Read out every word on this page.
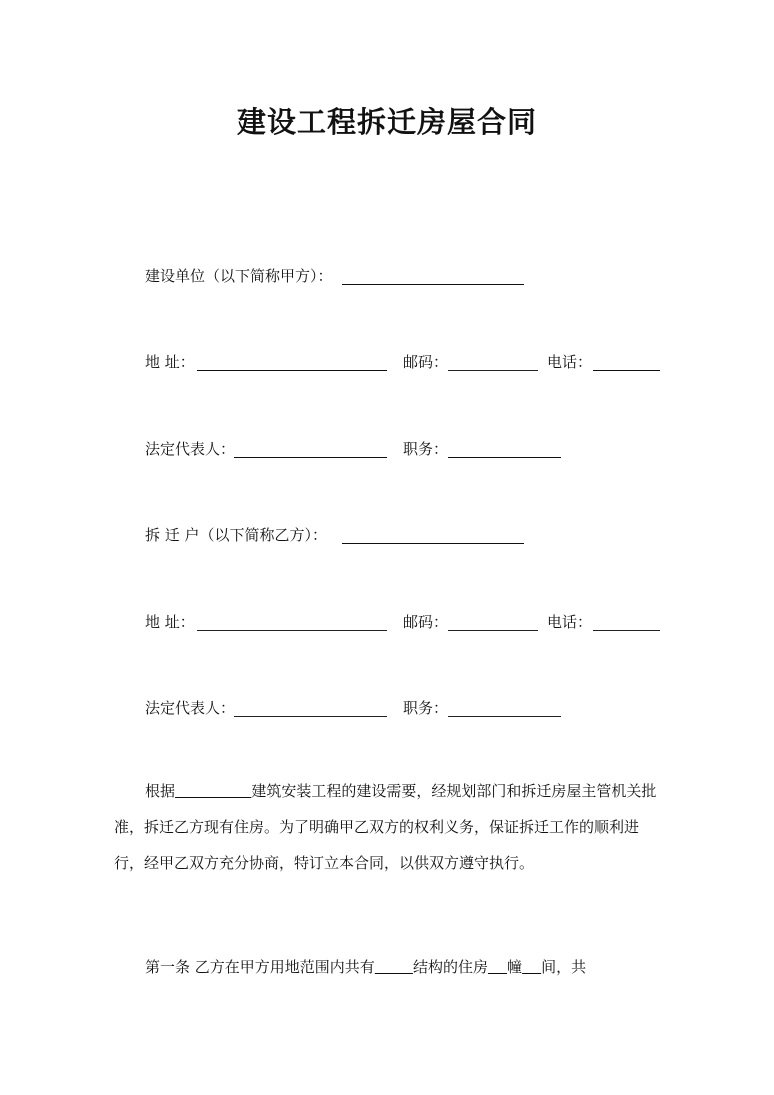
建设工程拆迁房屋合同
建设单位（以下简称甲方）：
地 址：	邮码：	电话：
法定代表人：	职务：
拆 迁 户（以下简称乙方）：
地 址：	邮码：	电话：
法定代表人：	职务：

根据	建筑安装工程的建设需要，经规划部门和拆迁房屋主管机关批准，拆迁乙方现有住房。为了明确甲乙双方的权利义务，保证拆迁工作的顺利进行，经甲乙双方充分协商，特订立本合同，以供双方遵守执行。

第一条 乙方在甲方用地范围内共有	结构的住房 幢 间，共
